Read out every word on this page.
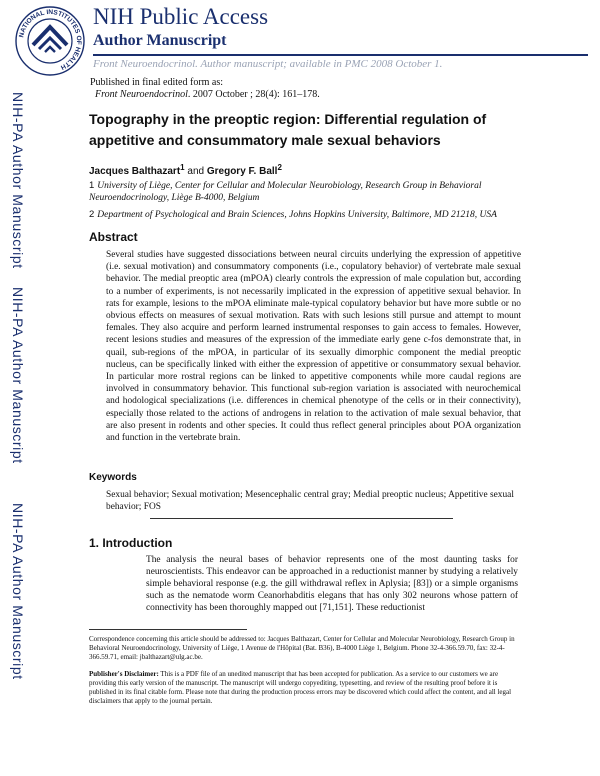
NATIONAL INSTITUTES OF HEALTH
NIH Public Access
Author Manuscript
Front Neuroendocrinol. Author manuscript; available in PMC 2008 October 1.
Published in final edited form as:
Front Neuroendocrinol. 2007 October ; 28(4): 161–178.
NIH-PA Author Manuscript
NIH-PA Author Manuscript
NIH-PA Author Manuscript
Topography in the preoptic region: Differential regulation of appetitive and consummatory male sexual behaviors
Jacques Balthazart$^1$ and Gregory F. Ball$^2$
1 University of Liège, Center for Cellular and Molecular Neurobiology, Research Group in Behavioral Neuroendocrinology, Liège B-4000, Belgium
2 Department of Psychological and Brain Sciences, Johns Hopkins University, Baltimore, MD 21218, USA
Abstract
Several studies have suggested dissociations between neural circuits underlying the expression of appetitive (i.e. sexual motivation) and consummatory components (i.e., copulatory behavior) of vertebrate male sexual behavior. The medial preoptic area (mPOA) clearly controls the expression of male copulation but, according to a number of experiments, is not necessarily implicated in the expression of appetitive sexual behavior. In rats for example, lesions to the mPOA eliminate male-typical copulatory behavior but have more subtle or no obvious effects on measures of sexual motivation. Rats with such lesions still pursue and attempt to mount females. They also acquire and perform learned instrumental responses to gain access to females. However, recent lesions studies and measures of the expression of the immediate early gene c-fos demonstrate that, in quail, sub-regions of the mPOA, in particular of its sexually dimorphic component the medial preoptic nucleus, can be specifically linked with either the expression of appetitive or consummatory sexual behavior. In particular more rostral regions can be linked to appetitive components while more caudal regions are involved in consummatory behavior. This functional sub-region variation is associated with neurochemical and hodological specializations (i.e. differences in chemical phenotype of the cells or in their connectivity), especially those related to the actions of androgens in relation to the activation of male sexual behavior, that are also present in rodents and other species. It could thus reflect general principles about POA organization and function in the vertebrate brain.
Keywords
Sexual behavior; Sexual motivation; Mesencephalic central gray; Medial preoptic nucleus; Appetitive sexual behavior; FOS
1. Introduction
The analysis the neural bases of behavior represents one of the most daunting tasks for neuroscientists. This endeavor can be approached in a reductionist manner by studying a relatively simple behavioral response (e.g. the gill withdrawal reflex in Aplysia; [83]) or a simple organisms such as the nematode worm Ceanorhabditis elegans that has only 302 neurons whose pattern of connectivity has been thoroughly mapped out [71,151]. These reductionist
Correspondence concerning this article should be addressed to: Jacques Balthazart, Center for Cellular and Molecular Neurobiology, Research Group in Behavioral Neuroendocrinology, University of Liège, 1 Avenue de l'Hôpital (Bat. B36), B-4000 Liège 1, Belgium. Phone 32-4-366.59.70, fax: 32-4-366.59.71, email: jbalthazart@ulg.ac.be.
Publisher's Disclaimer: This is a PDF file of an unedited manuscript that has been accepted for publication. As a service to our customers we are providing this early version of the manuscript. The manuscript will undergo copyediting, typesetting, and review of the resulting proof before it is published in its final citable form. Please note that during the production process errors may be discovered which could affect the content, and all legal disclaimers that apply to the journal pertain.
